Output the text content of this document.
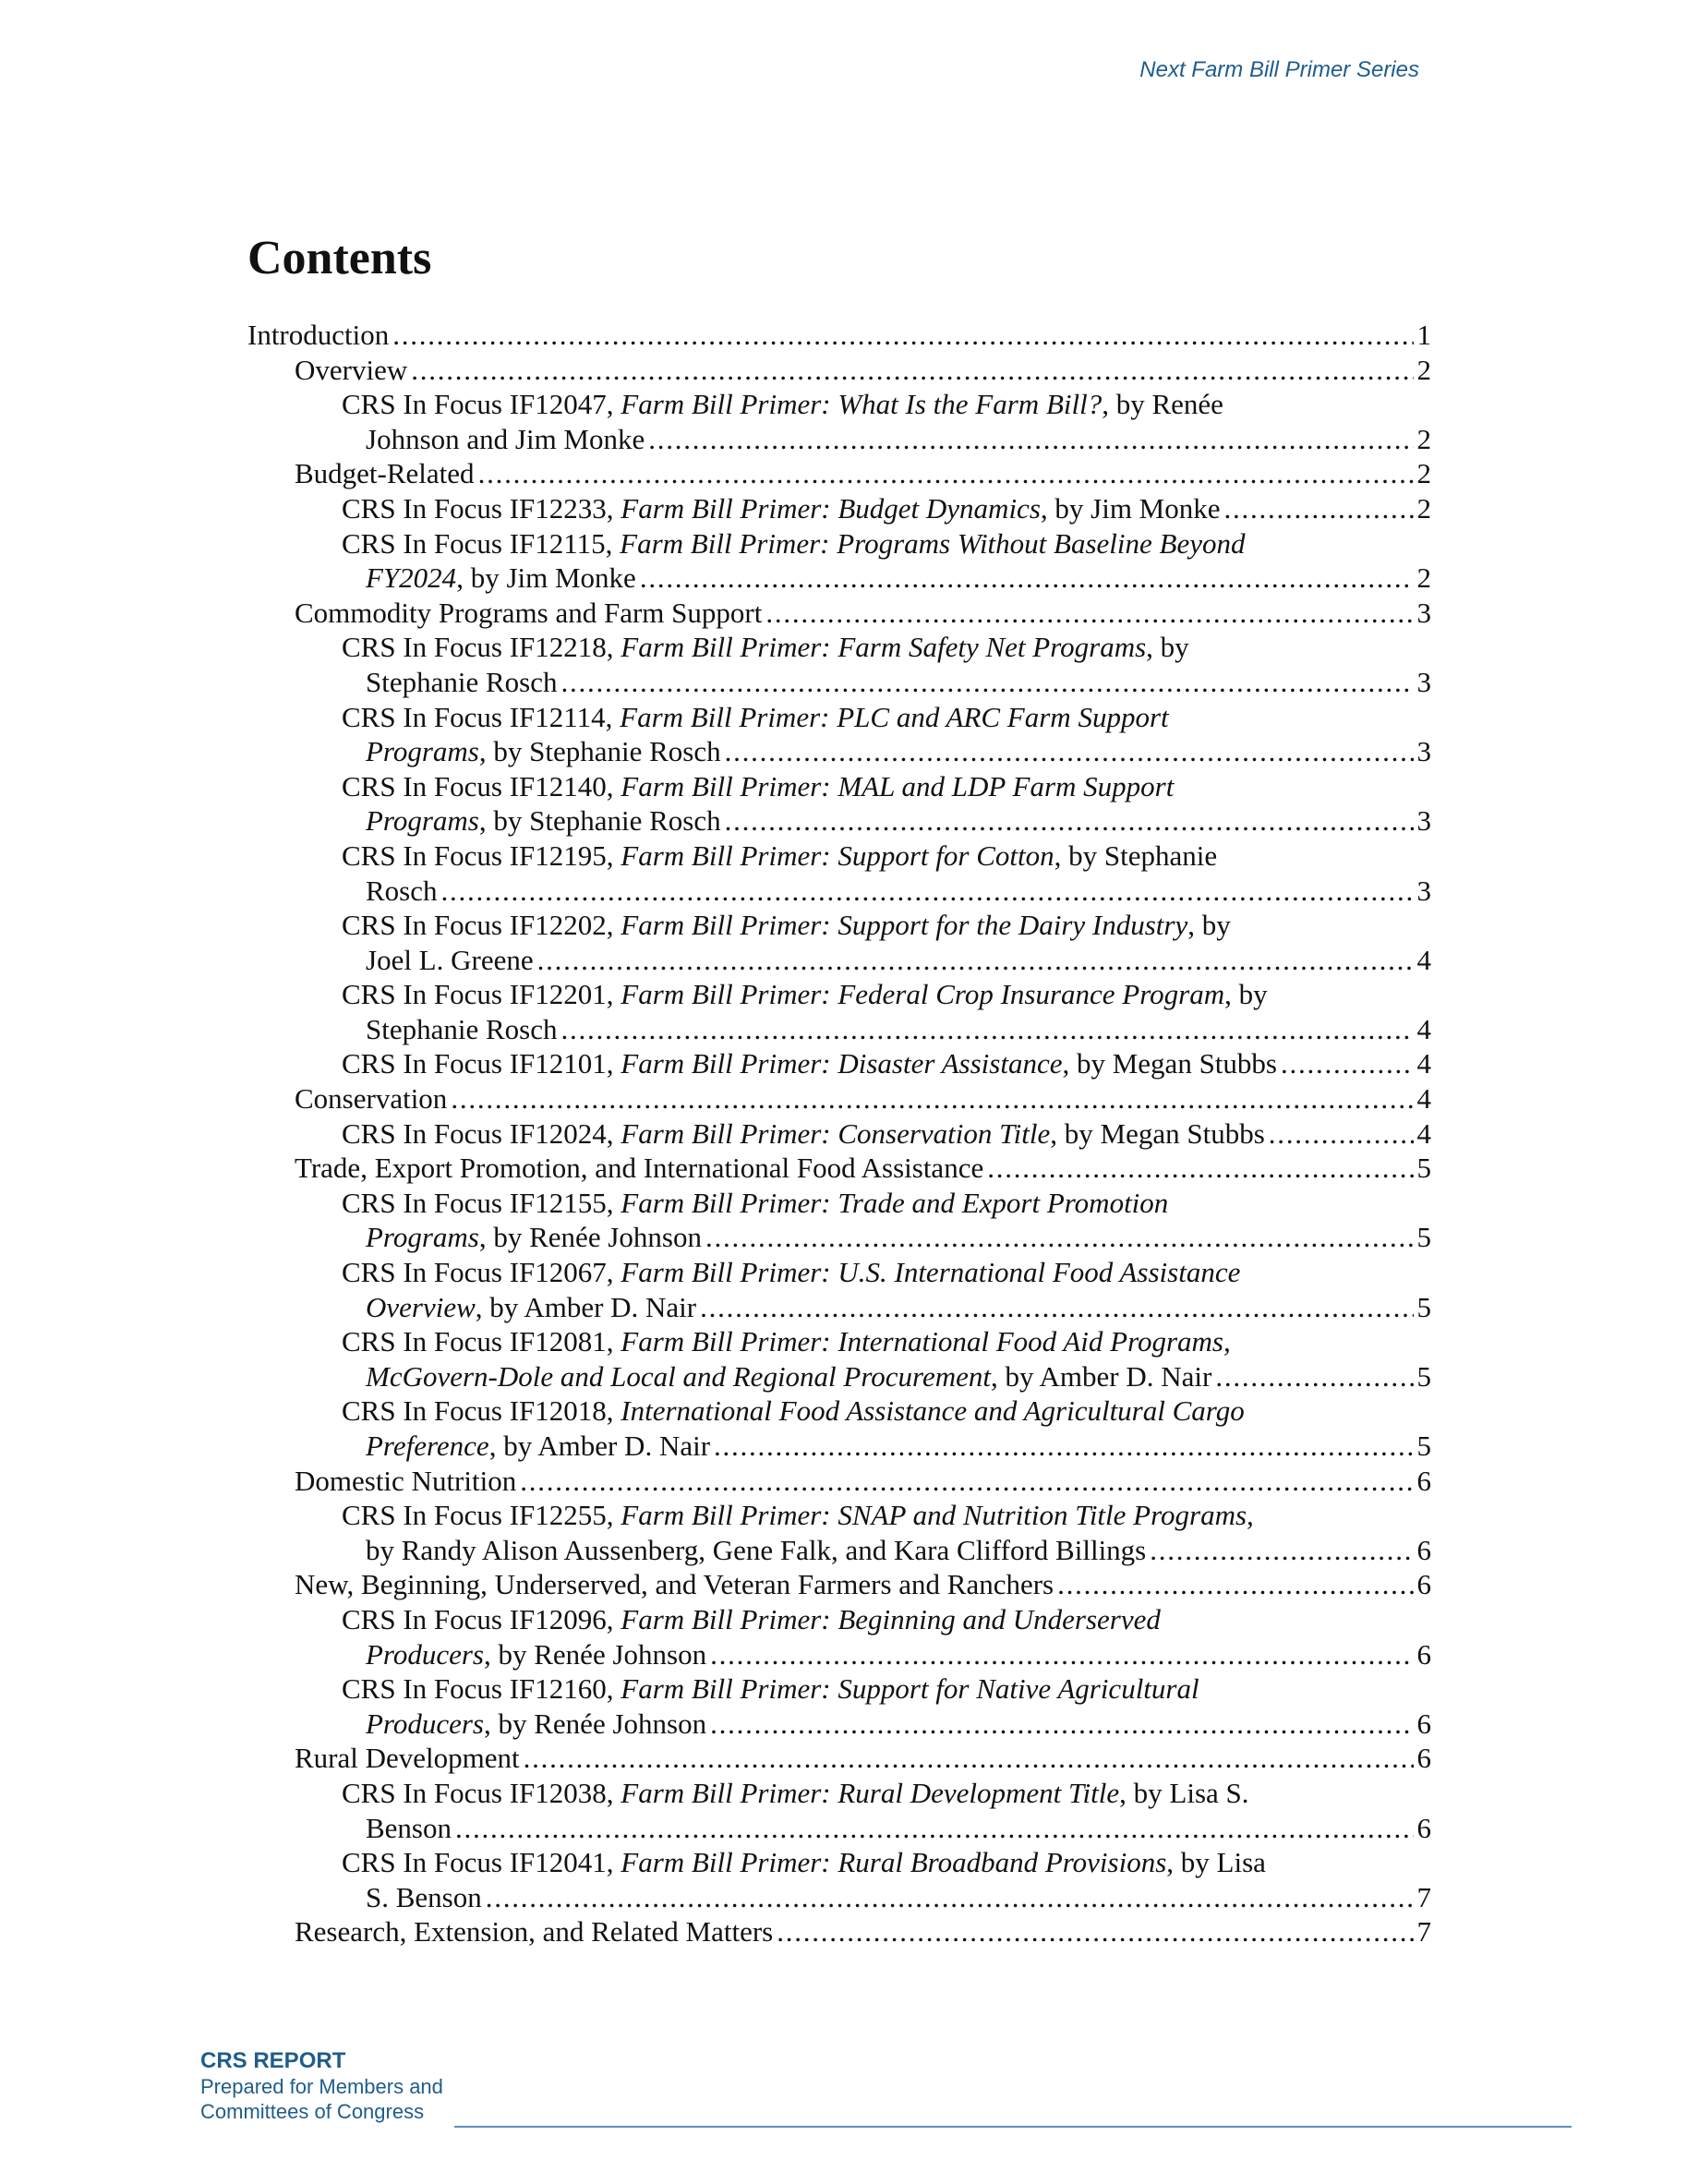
Next Farm Bill Primer Series
Contents
Introduction . . .	1
Overview . . .	2
CRS In Focus IF12047, Farm Bill Primer: What Is the Farm Bill?, by Renée
Johnson and Jim Monke . . .	2
Budget-Related . . .	2
CRS In Focus IF12233, Farm Bill Primer: Budget Dynamics, by Jim Monke . . .	2
CRS In Focus IF12115, Farm Bill Primer: Programs Without Baseline Beyond
FY2024, by Jim Monke . . .	2
Commodity Programs and Farm Support . . .	3
CRS In Focus IF12218, Farm Bill Primer: Farm Safety Net Programs, by
Stephanie Rosch . . .	3
CRS In Focus IF12114, Farm Bill Primer: PLC and ARC Farm Support
Programs, by Stephanie Rosch . . .	3
CRS In Focus IF12140, Farm Bill Primer: MAL and LDP Farm Support
Programs, by Stephanie Rosch . . .	3
CRS In Focus IF12195, Farm Bill Primer: Support for Cotton, by Stephanie
Rosch . . .	3
CRS In Focus IF12202, Farm Bill Primer: Support for the Dairy Industry, by
Joel L. Greene . . .	4
CRS In Focus IF12201, Farm Bill Primer: Federal Crop Insurance Program, by
Stephanie Rosch . . .	4
CRS In Focus IF12101, Farm Bill Primer: Disaster Assistance, by Megan Stubbs . . .	4
Conservation . . .	4
CRS In Focus IF12024, Farm Bill Primer: Conservation Title, by Megan Stubbs . . .	4
Trade, Export Promotion, and International Food Assistance . . .	5
CRS In Focus IF12155, Farm Bill Primer: Trade and Export Promotion
Programs, by Renée Johnson . . .	5
CRS In Focus IF12067, Farm Bill Primer: U.S. International Food Assistance
Overview, by Amber D. Nair . . .	5
CRS In Focus IF12081, Farm Bill Primer: International Food Aid Programs,
McGovern-Dole and Local and Regional Procurement, by Amber D. Nair . . .	5
CRS In Focus IF12018, International Food Assistance and Agricultural Cargo
Preference, by Amber D. Nair . . .	5
Domestic Nutrition . . .	6
CRS In Focus IF12255, Farm Bill Primer: SNAP and Nutrition Title Programs,
by Randy Alison Aussenberg, Gene Falk, and Kara Clifford Billings . . .	6
New, Beginning, Underserved, and Veteran Farmers and Ranchers . . .	6
CRS In Focus IF12096, Farm Bill Primer: Beginning and Underserved
Producers, by Renée Johnson . . .	6
CRS In Focus IF12160, Farm Bill Primer: Support for Native Agricultural
Producers, by Renée Johnson . . .	6
Rural Development . . .	6
CRS In Focus IF12038, Farm Bill Primer: Rural Development Title, by Lisa S.
Benson . . .	6
CRS In Focus IF12041, Farm Bill Primer: Rural Broadband Provisions, by Lisa
S. Benson . . .	7
Research, Extension, and Related Matters . . .	7
CRS REPORT
Prepared for Members and
Committees of Congress
